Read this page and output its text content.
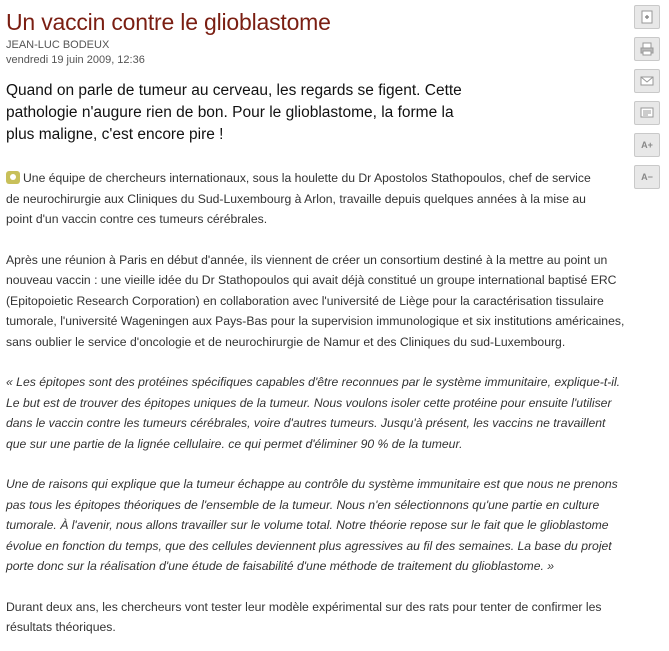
Un vaccin contre le glioblastome
JEAN-LUC BODEUX
vendredi 19 juin 2009, 12:36

Quand on parle de tumeur au cerveau, les regards se figent. Cette pathologie n'augure rien de bon. Pour le glioblastome, la forme la plus maligne, c'est encore pire !

Une équipe de chercheurs internationaux, sous la houlette du Dr Apostolos Stathopoulos, chef de service de neurochirurgie aux Cliniques du Sud-Luxembourg à Arlon, travaille depuis quelques années à la mise au point d'un vaccin contre ces tumeurs cérébrales.

Après une réunion à Paris en début d'année, ils viennent de créer un consortium destiné à la mettre au point un nouveau vaccin : une vieille idée du Dr Stathopoulos qui avait déjà constitué un groupe international baptisé ERC (Epitopoietic Research Corporation) en collaboration avec l'université de Liège pour la caractérisation tissulaire tumorale, l'université Wageningen aux Pays-Bas pour la supervision immunologique et six institutions américaines, sans oublier le service d'oncologie et de neurochirurgie de Namur et des Cliniques du sud-Luxembourg.

« Les épitopes sont des protéines spécifiques capables d'être reconnues par le système immunitaire, explique-t-il. Le but est de trouver des épitopes uniques de la tumeur. Nous voulons isoler cette protéine pour ensuite l'utiliser dans le vaccin contre les tumeurs cérébrales, voire d'autres tumeurs. Jusqu'à présent, les vaccins ne travaillent que sur une partie de la lignée cellulaire. ce qui permet d'éliminer 90 % de la tumeur.

Une de raisons qui explique que la tumeur échappe au contrôle du système immunitaire est que nous ne prenons pas tous les épitopes théoriques de l'ensemble de la tumeur. Nous n'en sélectionnons qu'une partie en culture tumorale. À l'avenir, nous allons travailler sur le volume total. Notre théorie repose sur le fait que le glioblastome évolue en fonction du temps, que des cellules deviennent plus agressives au fil des semaines. La base du projet porte donc sur la réalisation d'une étude de faisabilité d'une méthode de traitement du glioblastome. »

Durant deux ans, les chercheurs vont tester leur modèle expérimental sur des rats pour tenter de confirmer les résultats théoriques.

A+
A−
